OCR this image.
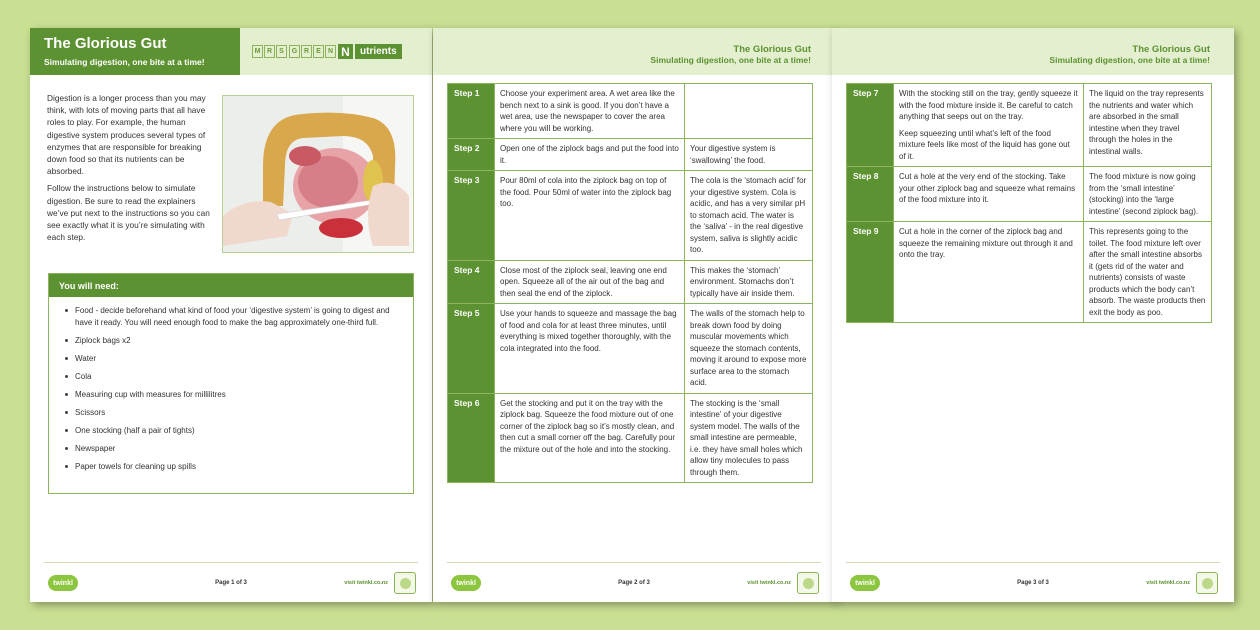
The Glorious Gut
Simulating digestion, one bite at a time!
M R	S	G R	E	N N	utrients

Digestion is a longer process than you may think, with lots of moving parts that all have roles to play. For example, the human digestive system produces several types of enzymes that are responsible for breaking down food so that its nutrients can be absorbed.

Follow the instructions below to simulate digestion. Be sure to read the explainers we’ve put next to the instructions so you can see exactly what it is you’re simulating with each step.

You will need:
Food - decide beforehand what kind of food your ‘digestive system’ is going to digest and have it ready. You will need enough food to make the bag approximately one-third full.
Ziplock bags x2
Water
Cola
Measuring cup with measures for millilitres
Scissors
One stocking (half a pair of tights)
Newspaper
Paper towels for cleaning up spills
twinkl	Page 1 of 3	visit twinkl.co.nz
The Glorious Gut
Simulating digestion, one bite at a time!
Step 1	Choose your experiment area. A wet area like the bench next to a sink is good. If you don’t have a wet area, use the newspaper to cover the area where you will be working.	

Step 2	Open one of the ziplock bags and put the food into it.	Your digestive system is ‘swallowing’ the food.
Step 3	Pour 80ml of cola into the ziplock bag on top of the food. Pour 50ml of water into the ziplock bag too.	The cola is the ‘stomach acid’ for your digestive system. Cola is acidic, and has a very similar pH to stomach acid. The water is the ‘saliva’ - in the real digestive system, saliva is slightly acidic too.
Step 4	Close most of the ziplock seal, leaving one end open. Squeeze all of the air out of the bag and then seal the end of the ziplock.	This makes the ‘stomach’ environment. Stomachs don’t typically have air inside them.
Step 5	Use your hands to squeeze and massage the bag of food and cola for at least three minutes, until everything is mixed together thoroughly, with the cola integrated into the food.	The walls of the stomach help to break down food by doing muscular movements which squeeze the stomach contents, moving it around to expose more surface area to the stomach acid.
Step 6	Get the stocking and put it on the tray with the ziplock bag. Squeeze the food mixture out of one corner of the ziplock bag so it’s mostly clean, and then cut a small corner off the bag. Carefully pour the mixture out of the hole and into the stocking.	The stocking is the ‘small intestine’ of your digestive system model. The walls of the small intestine are permeable, i.e. they have small holes which allow tiny molecules to pass through them.
twinkl	Page 2 of 3	visit twinkl.co.nz
The Glorious Gut
Simulating digestion, one bite at a time!
Step 7	With the stocking still on the tray, gently squeeze it with the food mixture inside it. Be careful to catch anything that seeps out on the tray.

Keep squeezing until what’s left of the food mixture feels like most of the liquid has gone out of it.	The liquid on the tray represents the nutrients and water which are absorbed in the small intestine when they travel through the holes in the intestinal walls.
Step 8	Cut a hole at the very end of the stocking. Take your other ziplock bag and squeeze what remains of the food mixture into it.	The food mixture is now going from the ‘small intestine’ (stocking) into the ‘large intestine’ (second ziplock bag).
Step 9	Cut a hole in the corner of the ziplock bag and squeeze the remaining mixture out through it and onto the tray.	This represents going to the toilet. The food mixture left over after the small intestine absorbs it (gets rid of the water and nutrients) consists of waste products which the body can’t absorb. The waste products then exit the body as poo.
twinkl	Page 3 of 3	visit twinkl.co.nz
